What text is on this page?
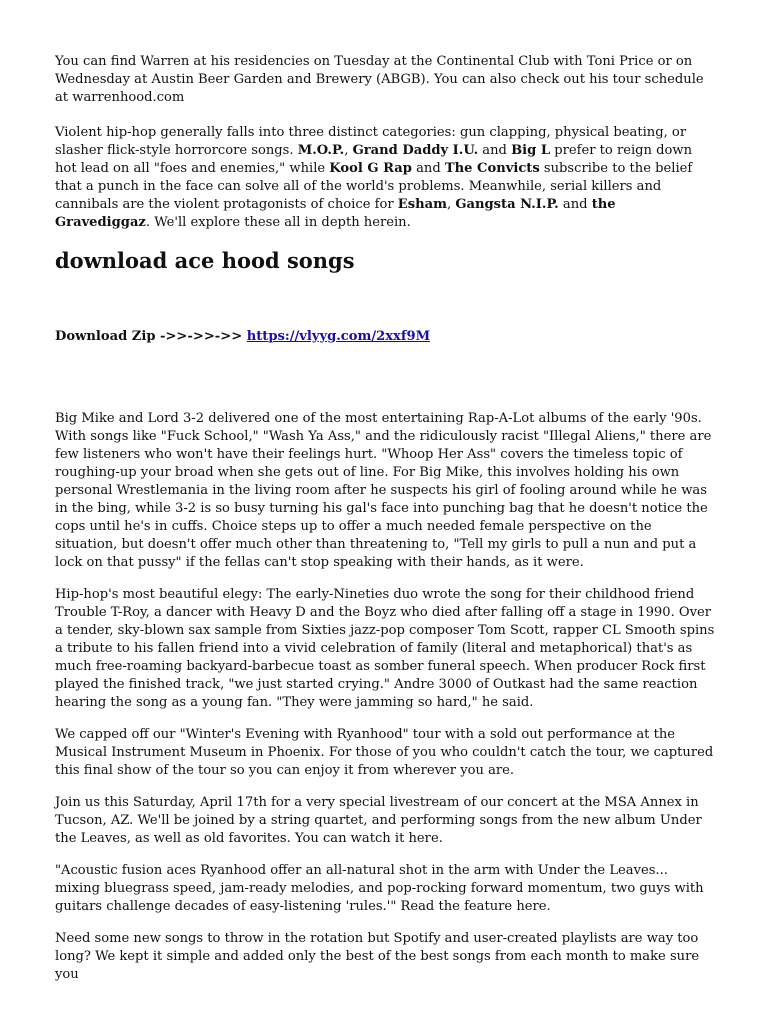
You can find Warren at his residencies on Tuesday at the Continental Club with Toni Price or on Wednesday at Austin Beer Garden and Brewery (ABGB). You can also check out his tour schedule at warrenhood.com

Violent hip-hop generally falls into three distinct categories: gun clapping, physical beating, or slasher flick-style horrorcore songs. M.O.P., Grand Daddy I.U. and Big L prefer to reign down hot lead on all "foes and enemies," while Kool G Rap and The Convicts subscribe to the belief that a punch in the face can solve all of the world's problems. Meanwhile, serial killers and cannibals are the violent protagonists of choice for Esham, Gangsta N.I.P. and the Gravediggaz. We'll explore these all in depth herein.

download ace hood songs

Download Zip ->>->>->> https://vlyyg.com/2xxf9M

Big Mike and Lord 3-2 delivered one of the most entertaining Rap-A-Lot albums of the early '90s. With songs like "Fuck School," "Wash Ya Ass," and the ridiculously racist "Illegal Aliens," there are few listeners who won't have their feelings hurt. "Whoop Her Ass" covers the timeless topic of roughing-up your broad when she gets out of line. For Big Mike, this involves holding his own personal Wrestlemania in the living room after he suspects his girl of fooling around while he was in the bing, while 3-2 is so busy turning his gal's face into punching bag that he doesn't notice the cops until he's in cuffs. Choice steps up to offer a much needed female perspective on the situation, but doesn't offer much other than threatening to, "Tell my girls to pull a nun and put a lock on that pussy" if the fellas can't stop speaking with their hands, as it were.

Hip-hop's most beautiful elegy: The early-Nineties duo wrote the song for their childhood friend Trouble T-Roy, a dancer with Heavy D and the Boyz who died after falling off a stage in 1990. Over a tender, sky-blown sax sample from Sixties jazz-pop composer Tom Scott, rapper CL Smooth spins a tribute to his fallen friend into a vivid celebration of family (literal and metaphorical) that's as much free-roaming backyard-barbecue toast as somber funeral speech. When producer Rock first played the finished track, "we just started crying." Andre 3000 of Outkast had the same reaction hearing the song as a young fan. "They were jamming so hard," he said.

We capped off our "Winter's Evening with Ryanhood" tour with a sold out performance at the Musical Instrument Museum in Phoenix. For those of you who couldn't catch the tour, we captured this final show of the tour so you can enjoy it from wherever you are.

Join us this Saturday, April 17th for a very special livestream of our concert at the MSA Annex in Tucson, AZ. We'll be joined by a string quartet, and performing songs from the new album Under the Leaves, as well as old favorites. You can watch it here.

"Acoustic fusion aces Ryanhood offer an all-natural shot in the arm with Under the Leaves... mixing bluegrass speed, jam-ready melodies, and pop-rocking forward momentum, two guys with guitars challenge decades of easy-listening 'rules.'" Read the feature here.

Need some new songs to throw in the rotation but Spotify and user-created playlists are way too long? We kept it simple and added only the best of the best songs from each month to make sure you
